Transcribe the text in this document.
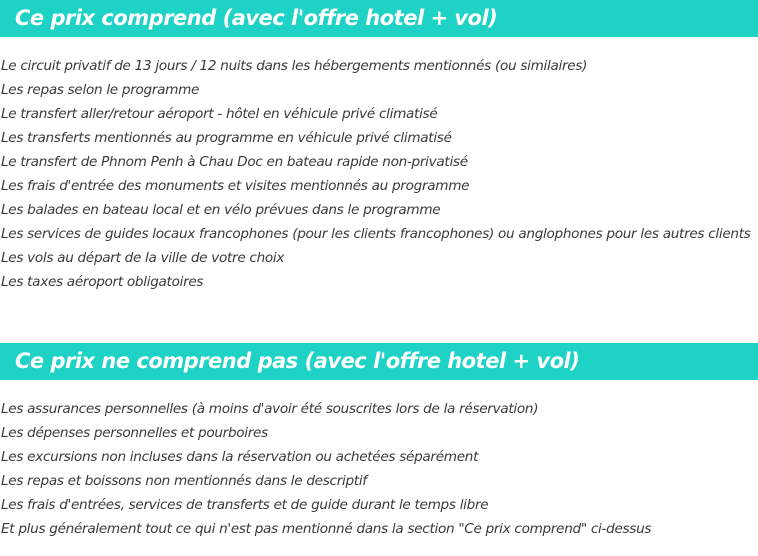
Ce prix comprend (avec l'offre hotel + vol)
Le circuit privatif de 13 jours / 12 nuits dans les hébergements mentionnés (ou similaires)
Les repas selon le programme
Le transfert aller/retour aéroport - hôtel en véhicule privé climatisé
Les transferts mentionnés au programme en véhicule privé climatisé
Le transfert de Phnom Penh à Chau Doc en bateau rapide non-privatisé
Les frais d'entrée des monuments et visites mentionnés au programme
Les balades en bateau local et en vélo prévues dans le programme
Les services de guides locaux francophones (pour les clients francophones) ou anglophones pour les autres clients
Les vols au départ de la ville de votre choix
Les taxes aéroport obligatoires
Ce prix ne comprend pas (avec l'offre hotel + vol)
Les assurances personnelles (à moins d'avoir été souscrites lors de la réservation)
Les dépenses personnelles et pourboires
Les excursions non incluses dans la réservation ou achetées séparément
Les repas et boissons non mentionnés dans le descriptif
Les frais d'entrées, services de transferts et de guide durant le temps libre
Et plus généralement tout ce qui n'est pas mentionné dans la section "Ce prix comprend" ci-dessus
